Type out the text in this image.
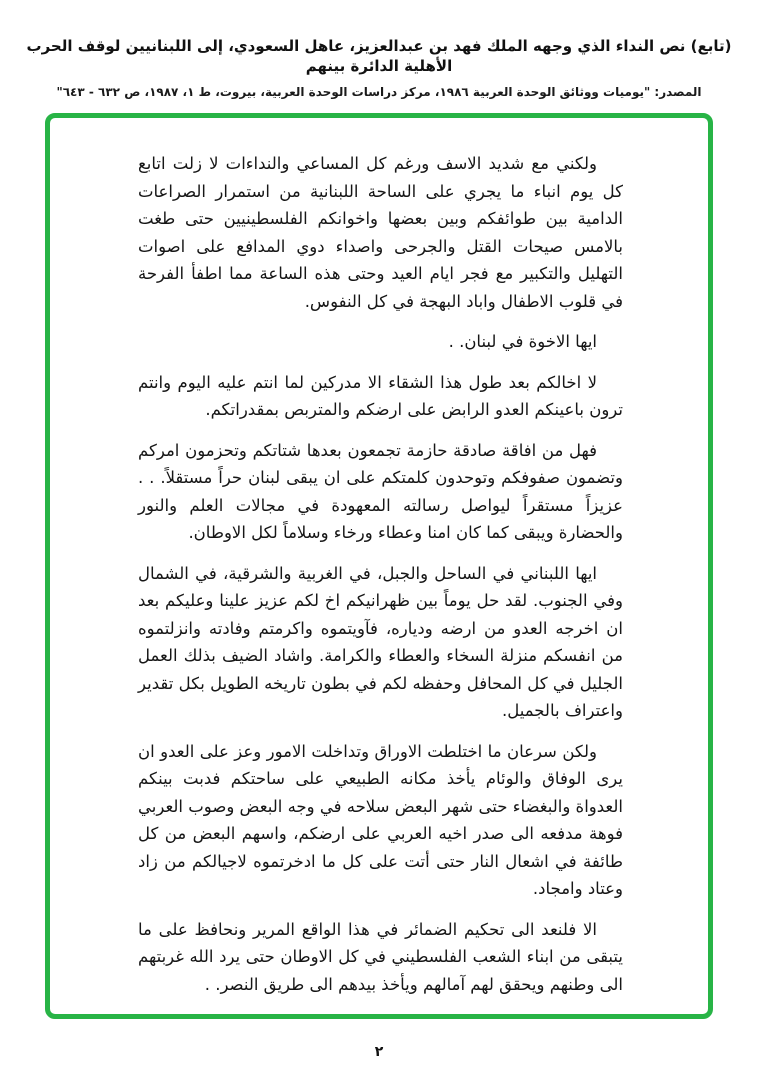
(تابع) نص النداء الذي وجهه الملك فهد بن عبدالعزيز، عاهل السعودي، إلى اللبنانيين لوقف الحرب الأهلية الدائرة بينهم
المصدر: "يوميات ووثائق الوحدة العربية ١٩٨٦، مركز دراسات الوحدة العربية، بيروت، ط ١، ١٩٨٧، ص ٦٣٢ - ٦٤٣"

ولكني مع شديد الاسف ورغم كل المساعي والنداءات لا زلت اتابع كل يوم انباء ما يجري على الساحة اللبنانية من استمرار الصراعات الدامية بين طوائفكم وبين بعضها واخوانكم الفلسطينيين حتى طغت بالامس صيحات القتل والجرحى واصداء دوي المدافع على اصوات التهليل والتكبير مع فجر ايام العيد وحتى هذه الساعة مما اطفأ الفرحة في قلوب الاطفال واباد البهجة في كل النفوس.

ايها الاخوة في لبنان. .

لا اخالكم بعد طول هذا الشقاء الا مدركين لما انتم عليه اليوم وانتم ترون باعينكم العدو الرابض على ارضكم والمتربص بمقدراتكم.

فهل من افاقة صادقة حازمة تجمعون بعدها شتاتكم وتحزمون امركم وتضمون صفوفكم وتوحدون كلمتكم على ان يبقى لبنان حراً مستقلاً. . . عزيزاً مستقراً ليواصل رسالته المعهودة في مجالات العلم والنور والحضارة ويبقى كما كان امنا وعطاء ورخاء وسلاماً لكل الاوطان.

ايها اللبناني في الساحل والجبل، في الغربية والشرقية، في الشمال وفي الجنوب. لقد حل يوماً بين ظهرانيكم اخ لكم عزيز علينا وعليكم بعد ان اخرجه العدو من ارضه ودياره، فآويتموه واكرمتم وفادته وانزلتموه من انفسكم منزلة السخاء والعطاء والكرامة. واشاد الضيف بذلك العمل الجليل في كل المحافل وحفظه لكم في بطون تاريخه الطويل بكل تقدير واعتراف بالجميل.

ولكن سرعان ما اختلطت الاوراق وتداخلت الامور وعز على العدو ان يرى الوفاق والوئام يأخذ مكانه الطبيعي على ساحتكم فدبت بينكم العدواة والبغضاء حتى شهر البعض سلاحه في وجه البعض وصوب العربي فوهة مدفعه الى صدر اخيه العربي على ارضكم، واسهم البعض من كل طائفة في اشعال النار حتى أتت على كل ما ادخرتموه لاجيالكم من زاد وعتاد وامجاد.

الا فلنعد الى تحكيم الضمائر في هذا الواقع المرير ونحافظ على ما يتبقى من ابناء الشعب الفلسطيني في كل الاوطان حتى يرد الله غربتهم الى وطنهم ويحقق لهم آمالهم ويأخذ بيدهم الى طريق النصر. .

٢
